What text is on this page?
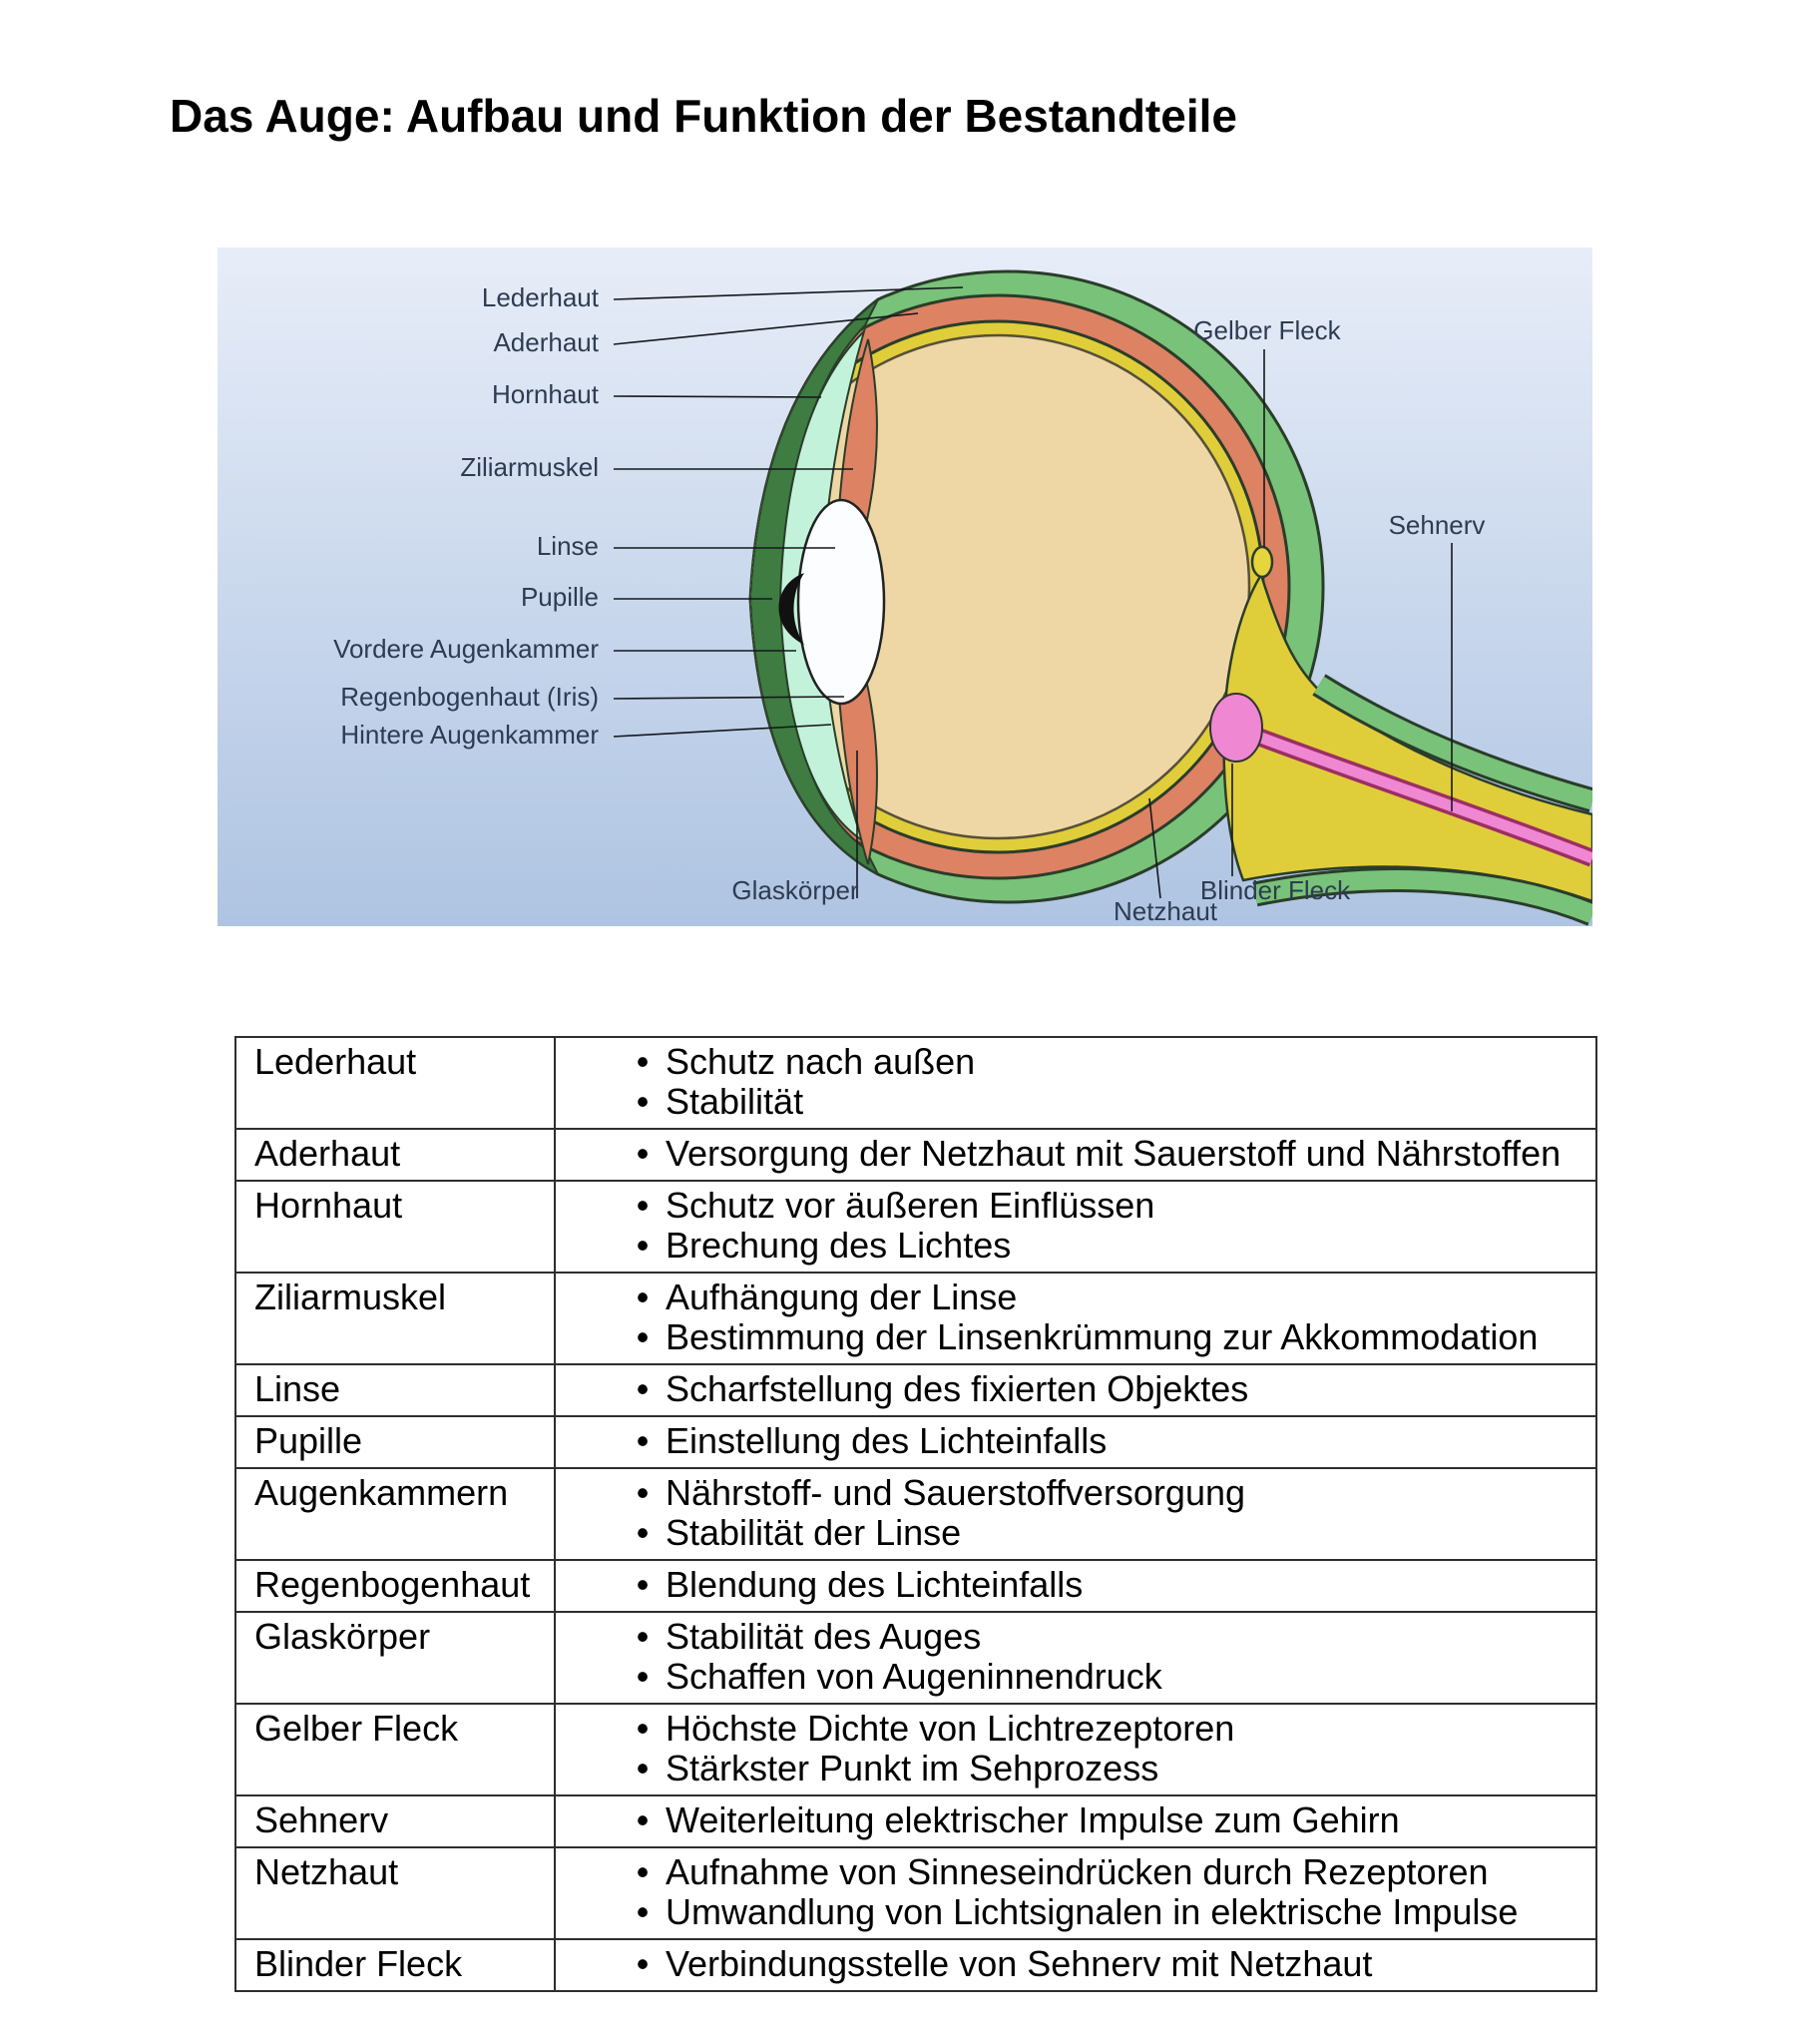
Das Auge: Aufbau und Funktion der Bestandteile
Lederhaut
Aderhaut
Hornhaut
Ziliarmuskel
Linse
Pupille
Vordere Augenkammer
Regenbogenhaut (Iris)
Hintere Augenkammer
Gelber Fleck
Sehnerv
Glaskörper
Netzhaut
Blinder Fleck
Lederhaut	• Schutz nach außen
• Stabilität

Aderhaut	• Versorgung der Netzhaut mit Sauerstoff und Nährstoffen

Hornhaut	• Schutz vor äußeren Einflüssen
• Brechung des Lichtes

Ziliarmuskel	• Aufhängung der Linse
• Bestimmung der Linsenkrümmung zur Akkommodation

Linse	• Scharfstellung des fixierten Objektes

Pupille	• Einstellung des Lichteinfalls

Augenkammern	• Nährstoff- und Sauerstoffversorgung
• Stabilität der Linse

Regenbogenhaut	• Blendung des Lichteinfalls

Glaskörper	• Stabilität des Auges
• Schaffen von Augeninnendruck

Gelber Fleck	• Höchste Dichte von Lichtrezeptoren
• Stärkster Punkt im Sehprozess

Sehnerv	• Weiterleitung elektrischer Impulse zum Gehirn

Netzhaut	• Aufnahme von Sinneseindrücken durch Rezeptoren
• Umwandlung von Lichtsignalen in elektrische Impulse

Blinder Fleck	• Verbindungsstelle von Sehnerv mit Netzhaut
